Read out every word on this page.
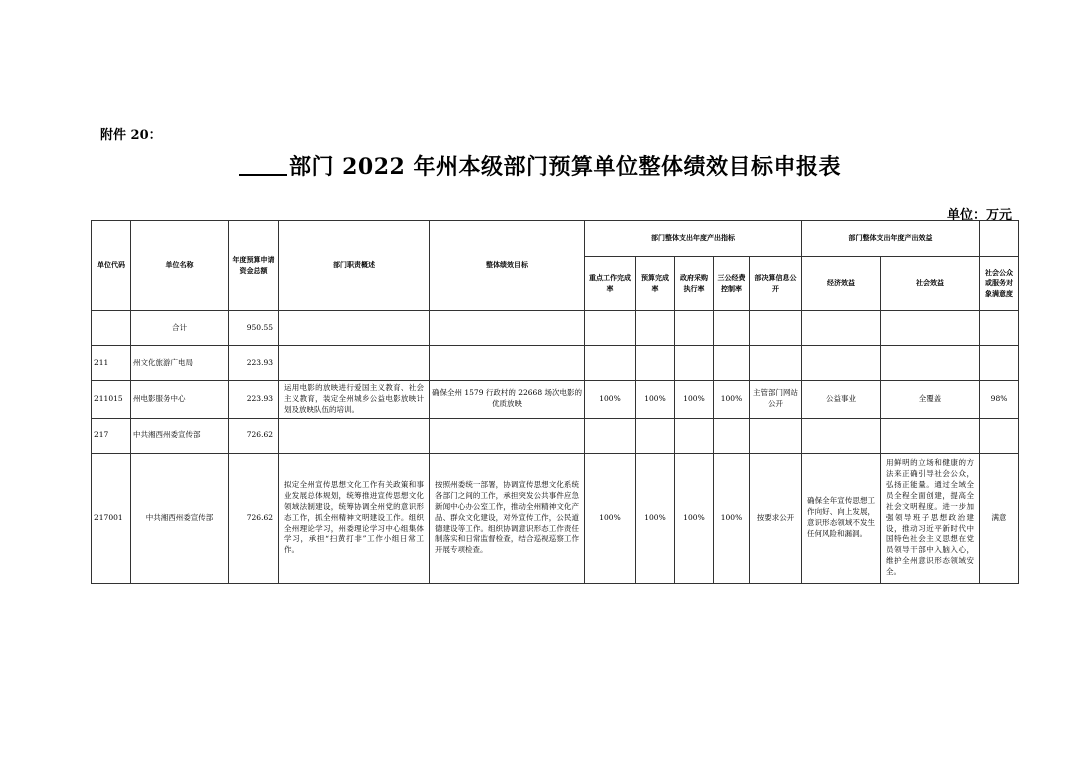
附件 20：
部门 2022 年州本级部门预算单位整体绩效目标申报表
单位：万元
单位代码	单位名称	年度预算申请资金总额	部门职责概述	整体绩效目标	部门整体支出年度产出指标					部门整体支出年度产出效益		
					重点工作完成率	预算完成率	政府采购执行率	三公经费控制率	部决算信息公开	经济效益	社会效益	社会公众或服务对象满意度
	合计	950.55										
211	州文化旅游广电局	223.93										
211015	州电影服务中心	223.93	运用电影的放映进行爱国主义教育、社会主义教育，装定全州城乡公益电影放映计划及放映队伍的培训。	确保全州 1579 行政村的 22668 场次电影的优质放映	100%	100%	100%	100%	主管部门网站公开	公益事业	全覆盖	98%
217	中共湘西州委宣传部	726.62										
217001	中共湘西州委宣传部	726.62	拟定全州宣传思想文化工作有关政策和事业发展总体规划，统筹推进宣传思想文化领域法制建设，统筹协调全州党的意识形态工作，抓全州精神文明建设工作。组织全州理论学习，州委理论学习中心组集体学习，承担“扫黄打非”工作小组日常工作。	按照州委统一部署，协调宣传思想文化系统各部门之间的工作，承担突发公共事件应急新闻中心办公室工作，推动全州精神文化产品、群众文化建设，对外宣传工作，公民道德建设等工作。组织协调意识形态工作责任制落实和日常监督检查，结合巡视巡察工作开展专项检查。	100%	100%	100%	100%	按要求公开	确保全年宣传思想工作向好、向上发展，意识形态领域不发生任何风险和漏洞。	用鲜明的立场和健康的方法来正确引导社会公众，弘扬正能量。通过全域全员全程全面创建，提高全社会文明程度。进一步加强领导班子思想政治建设，推动习近平新时代中国特色社会主义思想在党员领导干部中入脑入心，维护全州意识形态领域安全。	满意
